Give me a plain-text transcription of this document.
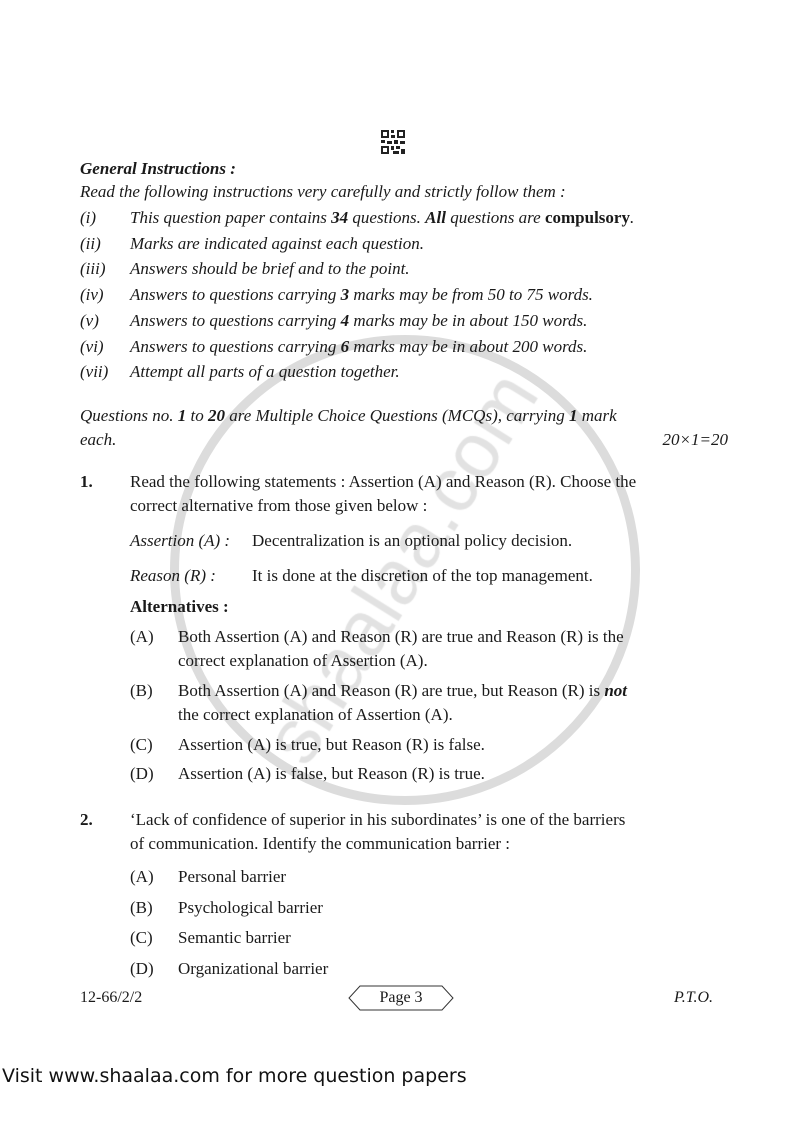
General Instructions :
Read the following instructions very carefully and strictly follow them :
(i) This question paper contains 34 questions. All questions are compulsory.
(ii) Marks are indicated against each question.
(iii) Answers should be brief and to the point.
(iv) Answers to questions carrying 3 marks may be from 50 to 75 words.
(v) Answers to questions carrying 4 marks may be in about 150 words.
(vi) Answers to questions carrying 6 marks may be in about 200 words.
(vii) Attempt all parts of a question together.
Questions no. 1 to 20 are Multiple Choice Questions (MCQs), carrying 1 mark
each.	20×1=20
1. Read the following statements : Assertion (A) and Reason (R). Choose the
correct alternative from those given below :
Assertion (A) : Decentralization is an optional policy decision.
Reason (R) : It is done at the discretion of the top management.
Alternatives :
(A) Both Assertion (A) and Reason (R) are true and Reason (R) is the
correct explanation of Assertion (A).
(B) Both Assertion (A) and Reason (R) are true, but Reason (R) is not
the correct explanation of Assertion (A).
(C) Assertion (A) is true, but Reason (R) is false.
(D) Assertion (A) is false, but Reason (R) is true.
2. ‘Lack of confidence of superior in his subordinates’ is one of the barriers
of communication. Identify the communication barrier :
(A) Personal barrier
(B) Psychological barrier
(C) Semantic barrier
(D) Organizational barrier
12-66/2/2	Page 3	P.T.O.
Visit www.shaalaa.com for more question papers
